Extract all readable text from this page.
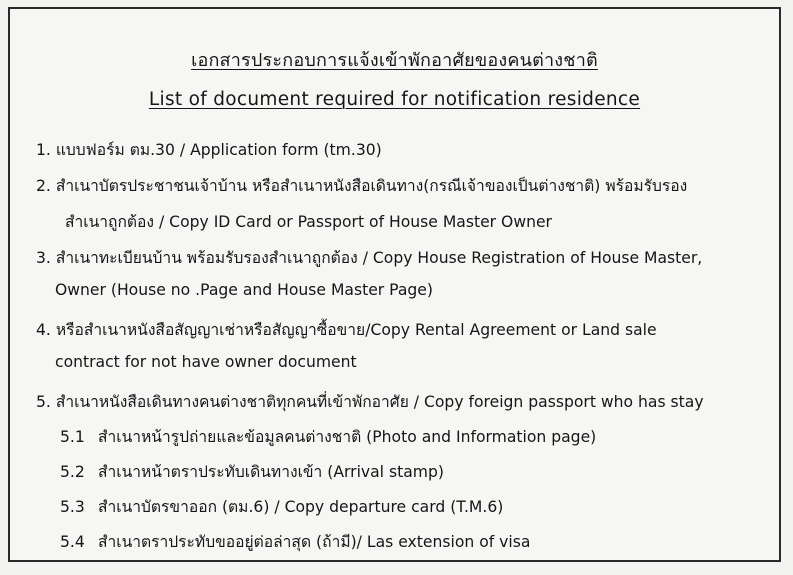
เอกสารประกอบการแจ้งเข้าพักอาศัยของคนต่างชาติ
List of document required for notification residence
1. แบบฟอร์ม ตม.30 / Application form (tm.30)
2. สำเนาบัตรประชาชนเจ้าบ้าน หรือสำเนาหนังสือเดินทาง(กรณีเจ้าของเป็นต่างชาติ) พร้อมรับรอง
สำเนาถูกต้อง / Copy ID Card or Passport of House Master Owner
3. สำเนาทะเบียนบ้าน พร้อมรับรองสำเนาถูกต้อง / Copy House Registration of House Master,
Owner (House no .Page and House Master Page)
4. หรือสำเนาหนังสือสัญญาเช่าหรือสัญญาซื้อขาย/Copy Rental Agreement or Land sale
contract for not have owner document
5. สำเนาหนังสือเดินทางคนต่างชาติทุกคนที่เข้าพักอาศัย / Copy foreign passport who has stay
5.1 สำเนาหน้ารูปถ่ายและข้อมูลคนต่างชาติ (Photo and Information page)
5.2 สำเนาหน้าตราประทับเดินทางเข้า (Arrival stamp)
5.3 สำเนาบัตรขาออก (ตม.6) / Copy departure card (T.M.6)
5.4 สำเนาตราประทับขออยู่ต่อล่าสุด (ถ้ามี)/ Las extension of visa
